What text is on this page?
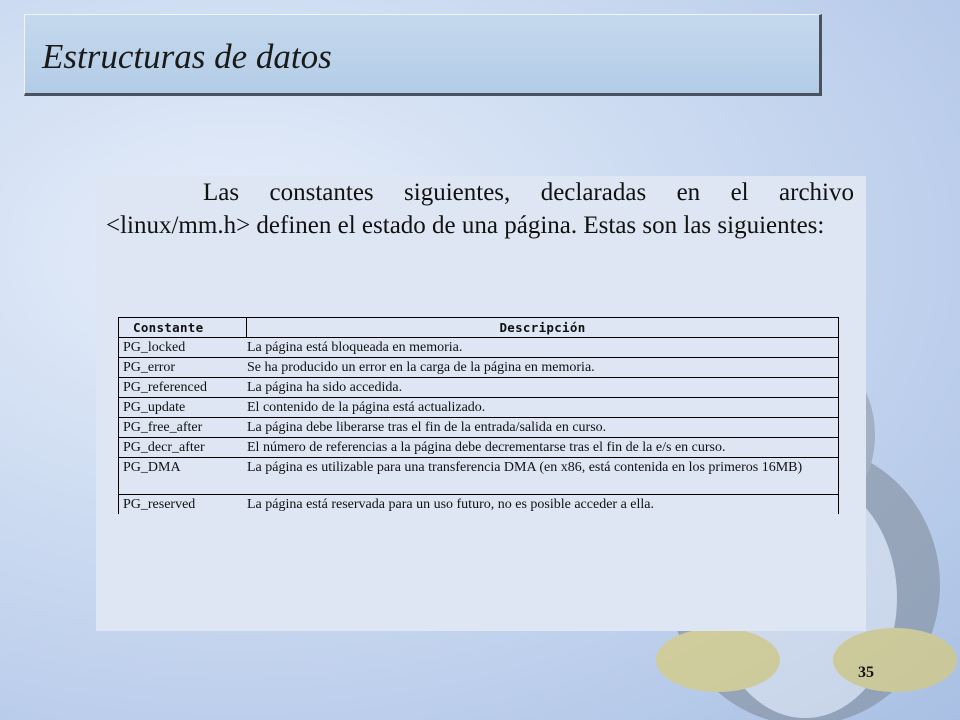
Estructuras de datos

Las constantes siguientes, declaradas en el archivo <linux/mm.h> definen el estado de una página. Estas son las siguientes:

Constante	Descripción
PG_locked	La página está bloqueada en memoria.
PG_error	Se ha producido un error en la carga de la página en memoria.
PG_referenced	La página ha sido accedida.
PG_update	El contenido de la página está actualizado.
PG_free_after	La página debe liberarse tras el fin de la entrada/salida en curso.
PG_decr_after	El número de referencias a la página debe decrementarse tras el fin de la e/s en curso.
PG_DMA	La página es utilizable para una transferencia DMA (en x86, está contenida en los primeros 16MB)
PG_reserved	La página está reservada para un uso futuro, no es posible acceder a ella.

35
